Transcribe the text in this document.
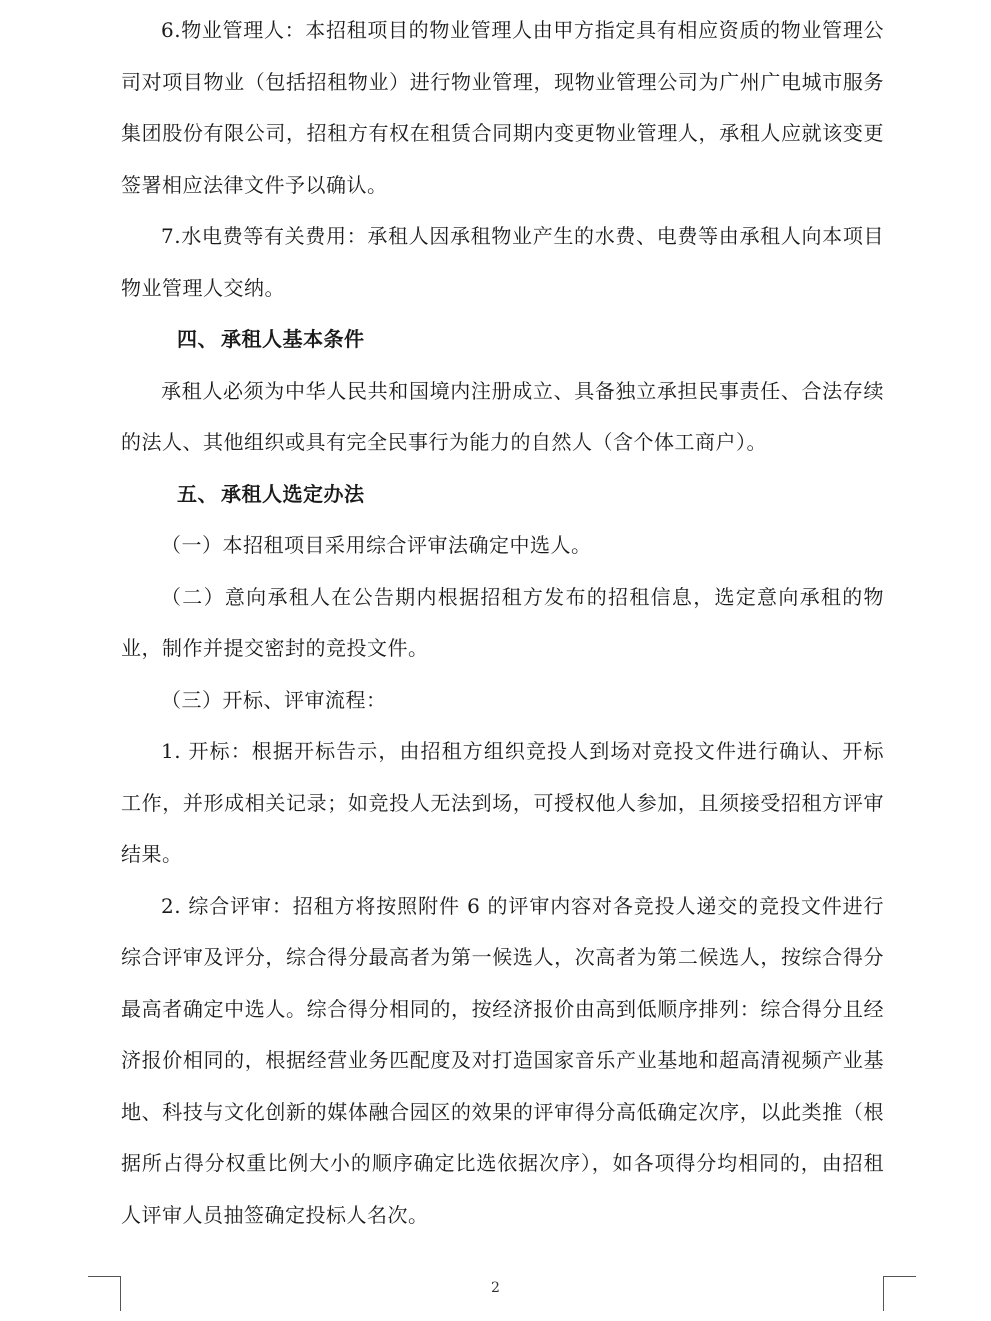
6.物业管理人：本招租项目的物业管理人由甲方指定具有相应资质的物业管理公司对项目物业（包括招租物业）进行物业管理，现物业管理公司为广州广电城市服务集团股份有限公司，招租方有权在租赁合同期内变更物业管理人，承租人应就该变更签署相应法律文件予以确认。

7.水电费等有关费用：承租人因承租物业产生的水费、电费等由承租人向本项目物业管理人交纳。

四、 承租人基本条件

承租人必须为中华人民共和国境内注册成立、具备独立承担民事责任、合法存续的法人、其他组织或具有完全民事行为能力的自然人（含个体工商户）。

五、 承租人选定办法

（一）本招租项目采用综合评审法确定中选人。

（二）意向承租人在公告期内根据招租方发布的招租信息，选定意向承租的物业，制作并提交密封的竞投文件。

（三）开标、评审流程：

1. 开标：根据开标告示，由招租方组织竞投人到场对竞投文件进行确认、开标工作，并形成相关记录；如竞投人无法到场，可授权他人参加，且须接受招租方评审结果。

2. 综合评审：招租方将按照附件 6 的评审内容对各竞投人递交的竞投文件进行综合评审及评分，综合得分最高者为第一候选人，次高者为第二候选人，按综合得分最高者确定中选人。综合得分相同的，按经济报价由高到低顺序排列：综合得分且经济报价相同的，根据经营业务匹配度及对打造国家音乐产业基地和超高清视频产业基地、科技与文化创新的媒体融合园区的效果的评审得分高低确定次序，以此类推（根据所占得分权重比例大小的顺序确定比选依据次序），如各项得分均相同的，由招租人评审人员抽签确定投标人名次。

2
